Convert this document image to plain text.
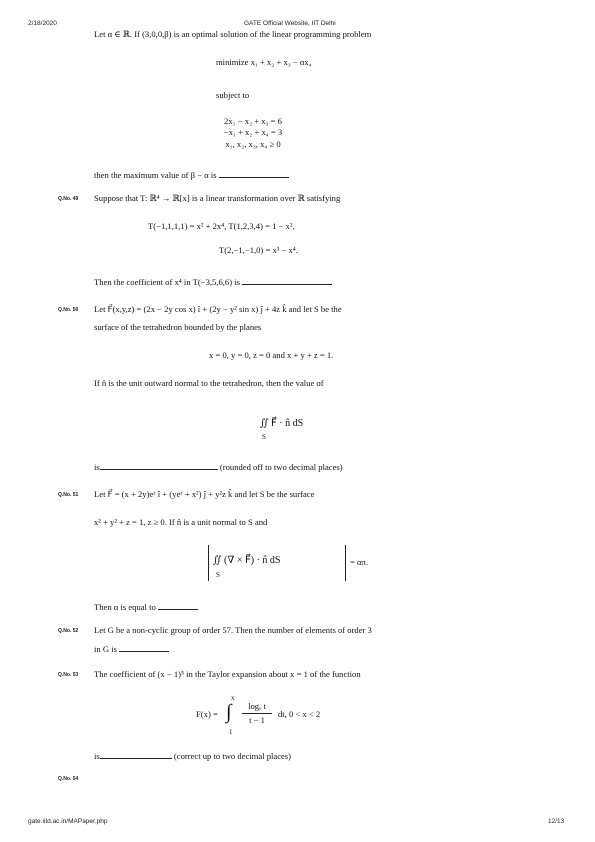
2/18/2020	GATE Official Website, IIT Delhi
Let α ∈ ℝ. If (3,0,0,β) is an optimal solution of the linear programming problem
minimize x₁ + x₂ + x₃ − αx₄
subject to
2x₁ − x₂ + x₃ = 6
−x₁ + x₂ + x₄ = 3
x₁, x₂, x₃, x₄ ≥ 0
then the maximum value of β − α is
Q.No. 49 Suppose that T: ℝ⁴ → ℝ[x] is a linear transformation over ℝ satisfying
T(−1,1,1,1) = x² + 2x⁴, T(1,2,3,4) = 1 − x²,
T(2,−1,−1,0) = x³ − x⁴.
Then the coefficient of x⁴ in T(−3,5,6,6) is
Q.No. 50 Let F⃗(x,y,z) = (2x − 2y cos x) î + (2y − y² sin x) ĵ + 4z k̂ and let S be the
surface of the tetrahedron bounded by the planes
x = 0, y = 0, z = 0 and x + y + z = 1.
If n̂ is the unit outward normal to the tetrahedron, then the value of
∬ F⃗ · n̂ dS
S
is	(rounded off to two decimal places)
Q.No. 51 Let F⃗ = (x + 2y)eᶻ î + (yeᶻ + x²) ĵ + y²z k̂ and let S be the surface
x² + y² + z = 1, z ≥ 0. If n̂ is a unit normal to S and
∬ (∇ × F⃗) · n̂ dS
S
= απ.
Then α is equal to
Q.No. 52 Let G be a non-cyclic group of order 57. Then the number of elements of order 3
in G is
Q.No. 53 The coefficient of (x − 1)⁵ in the Taylor expansion about x = 1 of the function
F(x) =
x
∫
1
logₑ t
t − 1
dt, 0 < x < 2
is	(correct up to two decimal places)
Q.No. 54
gate.iitd.ac.in/MAPaper.php	12/13
